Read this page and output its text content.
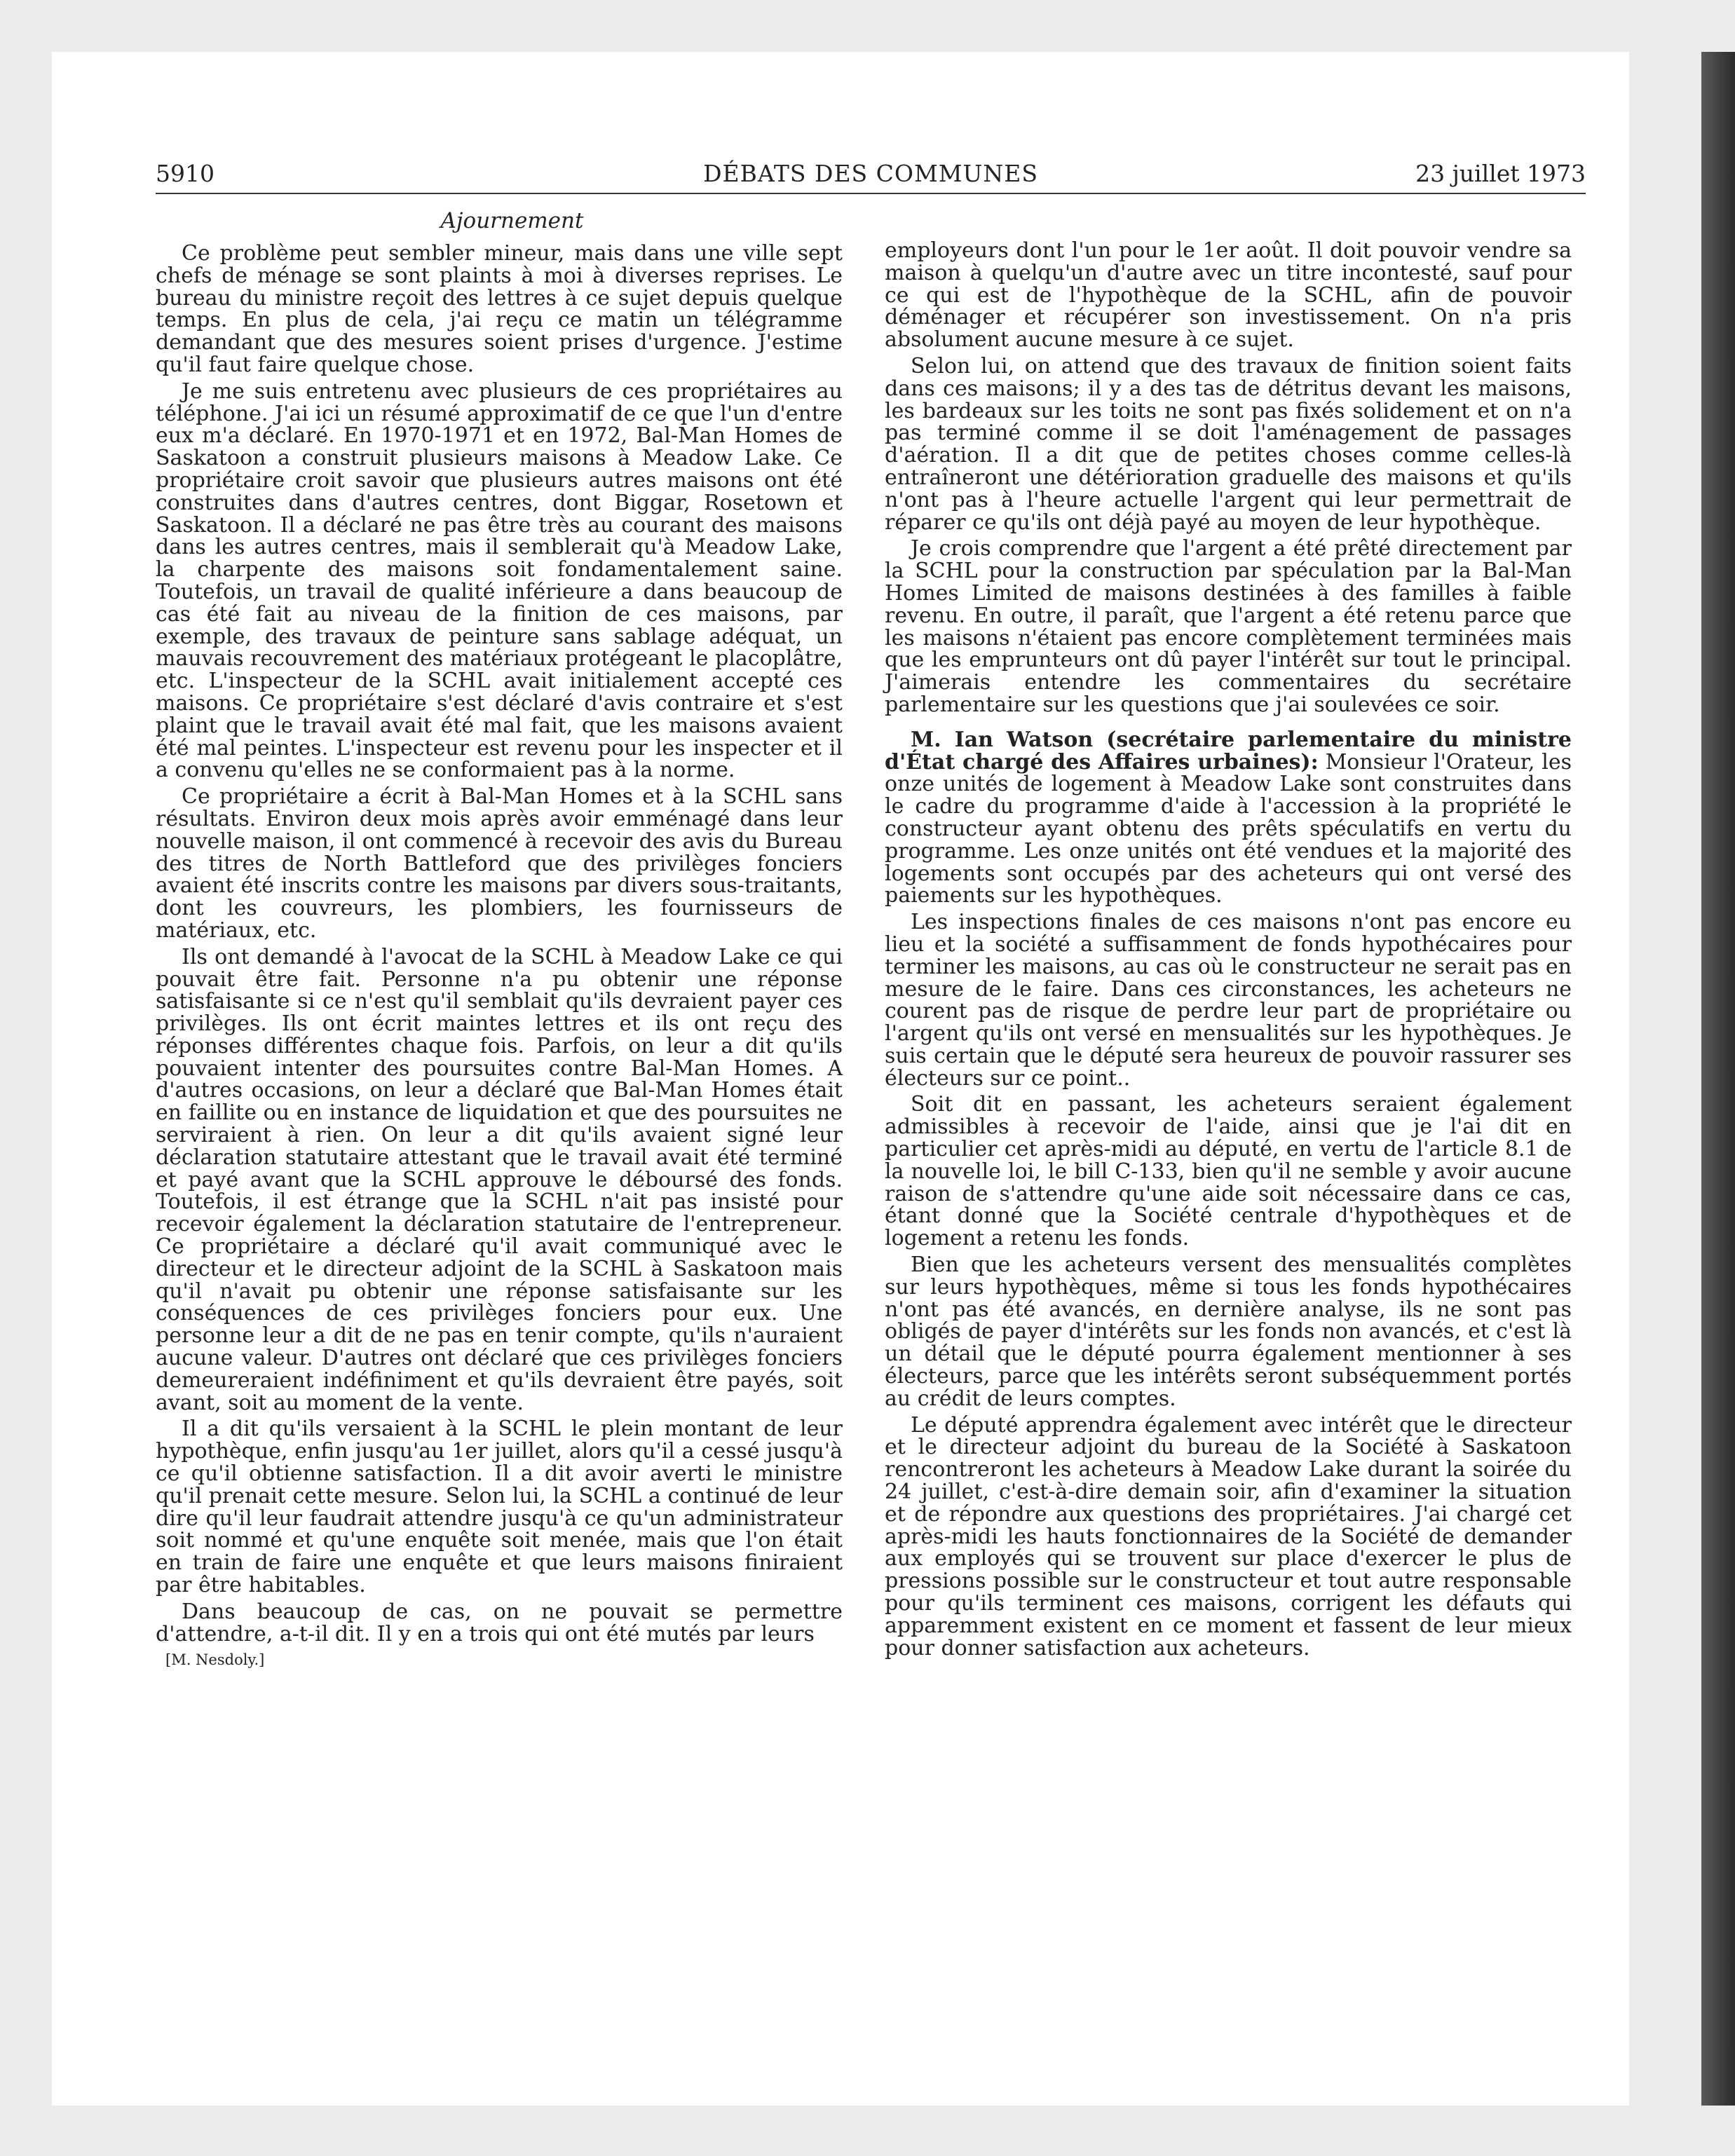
5910	DÉBATS DES COMMUNES	23 juillet 1973

Ajournement

Ce problème peut sembler mineur, mais dans une ville sept chefs de ménage se sont plaints à moi à diverses reprises. Le bureau du ministre reçoit des lettres à ce sujet depuis quelque temps. En plus de cela, j'ai reçu ce matin un télégramme demandant que des mesures soient prises d'urgence. J'estime qu'il faut faire quelque chose.

Je me suis entretenu avec plusieurs de ces propriétaires au téléphone. J'ai ici un résumé approximatif de ce que l'un d'entre eux m'a déclaré. En 1970-1971 et en 1972, Bal-Man Homes de Saskatoon a construit plusieurs maisons à Meadow Lake. Ce propriétaire croit savoir que plusieurs autres maisons ont été construites dans d'autres centres, dont Biggar, Rosetown et Saskatoon. Il a déclaré ne pas être très au courant des maisons dans les autres centres, mais il semblerait qu'à Meadow Lake, la charpente des maisons soit fondamentalement saine. Toutefois, un travail de qualité inférieure a dans beaucoup de cas été fait au niveau de la finition de ces maisons, par exemple, des travaux de peinture sans sablage adéquat, un mauvais recouvrement des matériaux protégeant le placoplâtre, etc. L'inspecteur de la SCHL avait initialement accepté ces maisons. Ce propriétaire s'est déclaré d'avis contraire et s'est plaint que le travail avait été mal fait, que les maisons avaient été mal peintes. L'inspecteur est revenu pour les inspecter et il a convenu qu'elles ne se conformaient pas à la norme.

Ce propriétaire a écrit à Bal-Man Homes et à la SCHL sans résultats. Environ deux mois après avoir emménagé dans leur nouvelle maison, il ont commencé à recevoir des avis du Bureau des titres de North Battleford que des privilèges fonciers avaient été inscrits contre les maisons par divers sous-traitants, dont les couvreurs, les plombiers, les fournisseurs de matériaux, etc.

Ils ont demandé à l'avocat de la SCHL à Meadow Lake ce qui pouvait être fait. Personne n'a pu obtenir une réponse satisfaisante si ce n'est qu'il semblait qu'ils devraient payer ces privilèges. Ils ont écrit maintes lettres et ils ont reçu des réponses différentes chaque fois. Parfois, on leur a dit qu'ils pouvaient intenter des poursuites contre Bal-Man Homes. A d'autres occasions, on leur a déclaré que Bal-Man Homes était en faillite ou en instance de liquidation et que des poursuites ne serviraient à rien. On leur a dit qu'ils avaient signé leur déclaration statutaire attestant que le travail avait été terminé et payé avant que la SCHL approuve le déboursé des fonds. Toutefois, il est étrange que la SCHL n'ait pas insisté pour recevoir également la déclaration statutaire de l'entrepreneur. Ce propriétaire a déclaré qu'il avait communiqué avec le directeur et le directeur adjoint de la SCHL à Saskatoon mais qu'il n'avait pu obtenir une réponse satisfaisante sur les conséquences de ces privilèges fonciers pour eux. Une personne leur a dit de ne pas en tenir compte, qu'ils n'auraient aucune valeur. D'autres ont déclaré que ces privilèges fonciers demeureraient indéfiniment et qu'ils devraient être payés, soit avant, soit au moment de la vente.

Il a dit qu'ils versaient à la SCHL le plein montant de leur hypothèque, enfin jusqu'au 1er juillet, alors qu'il a cessé jusqu'à ce qu'il obtienne satisfaction. Il a dit avoir averti le ministre qu'il prenait cette mesure. Selon lui, la SCHL a continué de leur dire qu'il leur faudrait attendre jusqu'à ce qu'un administrateur soit nommé et qu'une enquête soit menée, mais que l'on était en train de faire une enquête et que leurs maisons finiraient par être habitables.

Dans beaucoup de cas, on ne pouvait se permettre d'attendre, a-t-il dit. Il y en a trois qui ont été mutés par leurs

[M. Nesdoly.]

employeurs dont l'un pour le 1er août. Il doit pouvoir vendre sa maison à quelqu'un d'autre avec un titre incontesté, sauf pour ce qui est de l'hypothèque de la SCHL, afin de pouvoir déménager et récupérer son investissement. On n'a pris absolument aucune mesure à ce sujet.

Selon lui, on attend que des travaux de finition soient faits dans ces maisons; il y a des tas de détritus devant les maisons, les bardeaux sur les toits ne sont pas fixés solidement et on n'a pas terminé comme il se doit l'aménagement de passages d'aération. Il a dit que de petites choses comme celles-là entraîneront une détérioration graduelle des maisons et qu'ils n'ont pas à l'heure actuelle l'argent qui leur permettrait de réparer ce qu'ils ont déjà payé au moyen de leur hypothèque.

Je crois comprendre que l'argent a été prêté directement par la SCHL pour la construction par spéculation par la Bal-Man Homes Limited de maisons destinées à des familles à faible revenu. En outre, il paraît, que l'argent a été retenu parce que les maisons n'étaient pas encore complètement terminées mais que les emprunteurs ont dû payer l'intérêt sur tout le principal. J'aimerais entendre les commentaires du secrétaire parlementaire sur les questions que j'ai soulevées ce soir.

M. Ian Watson (secrétaire parlementaire du ministre d'État chargé des Affaires urbaines): Monsieur l'Orateur, les onze unités de logement à Meadow Lake sont construites dans le cadre du programme d'aide à l'accession à la propriété le constructeur ayant obtenu des prêts spéculatifs en vertu du programme. Les onze unités ont été vendues et la majorité des logements sont occupés par des acheteurs qui ont versé des paiements sur les hypothèques.

Les inspections finales de ces maisons n'ont pas encore eu lieu et la société a suffisamment de fonds hypothécaires pour terminer les maisons, au cas où le constructeur ne serait pas en mesure de le faire. Dans ces circonstances, les acheteurs ne courent pas de risque de perdre leur part de propriétaire ou l'argent qu'ils ont versé en mensualités sur les hypothèques. Je suis certain que le député sera heureux de pouvoir rassurer ses électeurs sur ce point..

Soit dit en passant, les acheteurs seraient également admissibles à recevoir de l'aide, ainsi que je l'ai dit en particulier cet après-midi au député, en vertu de l'article 8.1 de la nouvelle loi, le bill C-133, bien qu'il ne semble y avoir aucune raison de s'attendre qu'une aide soit nécessaire dans ce cas, étant donné que la Société centrale d'hypothèques et de logement a retenu les fonds.

Bien que les acheteurs versent des mensualités complètes sur leurs hypothèques, même si tous les fonds hypothécaires n'ont pas été avancés, en dernière analyse, ils ne sont pas obligés de payer d'intérêts sur les fonds non avancés, et c'est là un détail que le député pourra également mentionner à ses électeurs, parce que les intérêts seront subséquemment portés au crédit de leurs comptes.

Le député apprendra également avec intérêt que le directeur et le directeur adjoint du bureau de la Société à Saskatoon rencontreront les acheteurs à Meadow Lake durant la soirée du 24 juillet, c'est-à-dire demain soir, afin d'examiner la situation et de répondre aux questions des propriétaires. J'ai chargé cet après-midi les hauts fonctionnaires de la Société de demander aux employés qui se trouvent sur place d'exercer le plus de pressions possible sur le constructeur et tout autre responsable pour qu'ils terminent ces maisons, corrigent les défauts qui apparemment existent en ce moment et fassent de leur mieux pour donner satisfaction aux acheteurs.
